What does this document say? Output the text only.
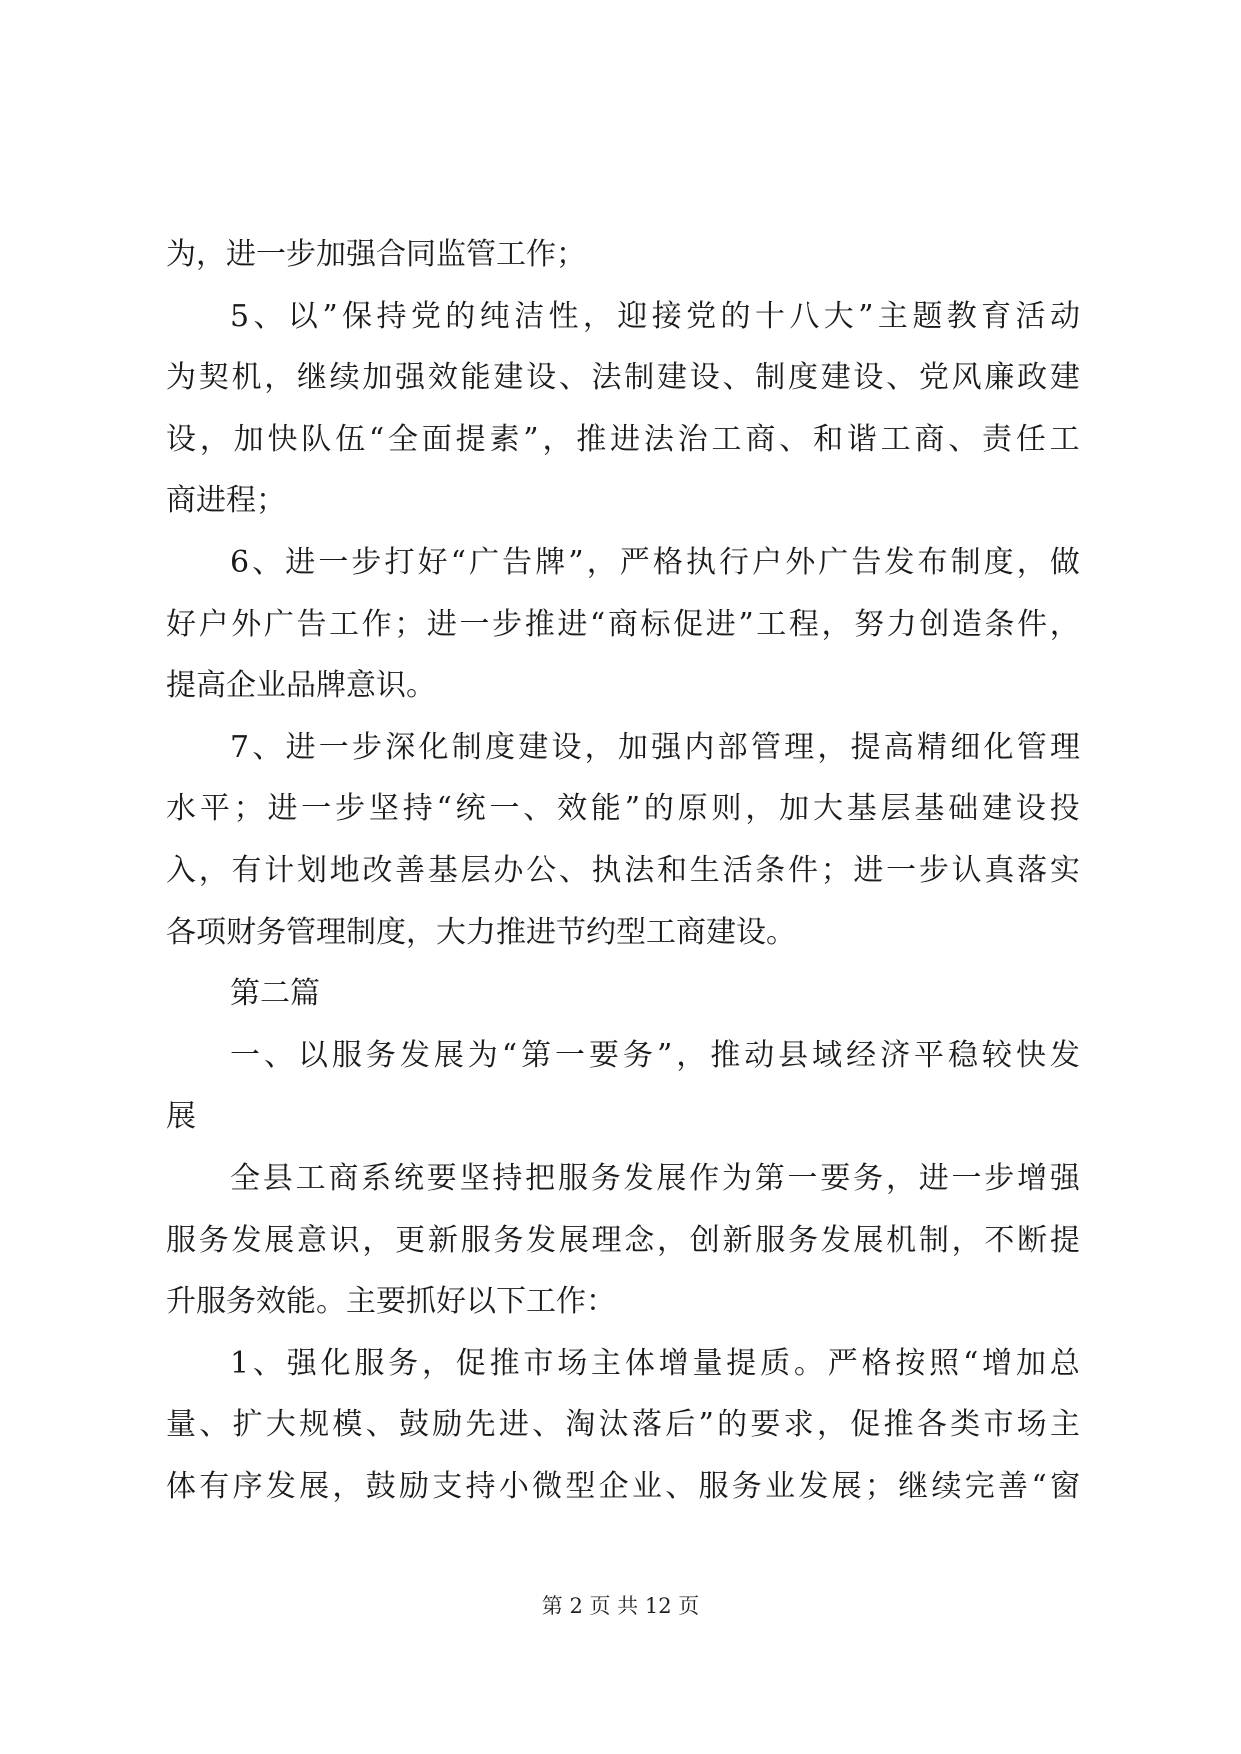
为，进一步加强合同监管工作；
5 、 以 ” 保 持 党 的 纯 洁 性 ， 迎 接 党 的 十 八 大 ” 主 题 教 育 活 动
为 契 机 ， 继 续 加 强 效 能 建 设 、 法 制 建 设 、 制 度 建 设 、 党 风 廉 政 建
设 ， 加 快 队 伍 “ 全 面 提 素 ” ， 推 进 法 治 工 商 、 和 谐 工 商 、 责 任 工
商进程；
6 、 进 一 步 打 好 “ 广 告 牌 ” ， 严 格 执 行 户 外 广 告 发 布 制 度 ， 做
好 户 外 广 告 工 作 ； 进 一 步 推 进 “ 商 标 促 进 ” 工 程 ， 努 力 创 造 条 件 ，
提高企业品牌意识。
7 、 进 一 步 深 化 制 度 建 设 ， 加 强 内 部 管 理 ， 提 高 精 细 化 管 理
水 平 ； 进 一 步 坚 持 “ 统 一 、 效 能 ” 的 原 则 ， 加 大 基 层 基 础 建 设 投
入 ， 有 计 划 地 改 善 基 层 办 公 、 执 法 和 生 活 条 件 ； 进 一 步 认 真 落 实
各项财务管理制度，大力推进节约型工商建设。
第二篇
一 、 以 服 务 发 展 为 “ 第 一 要 务 ” ， 推 动 县 域 经 济 平 稳 较 快 发
展
全 县 工 商 系 统 要 坚 持 把 服 务 发 展 作 为 第 一 要 务 ， 进 一 步 增 强
服 务 发 展 意 识 ， 更 新 服 务 发 展 理 念 ， 创 新 服 务 发 展 机 制 ， 不 断 提
升服务效能。主要抓好以下工作：
1 、 强 化 服 务 ， 促 推 市 场 主 体 增 量 提 质 。 严 格 按 照 “ 增 加 总
量 、 扩 大 规 模 、 鼓 励 先 进 、 淘 汰 落 后 ” 的 要 求 ， 促 推 各 类 市 场 主
体 有 序 发 展 ， 鼓 励 支 持 小 微 型 企 业 、 服 务 业 发 展 ； 继 续 完 善 “ 窗
第 2 页 共 12 页
